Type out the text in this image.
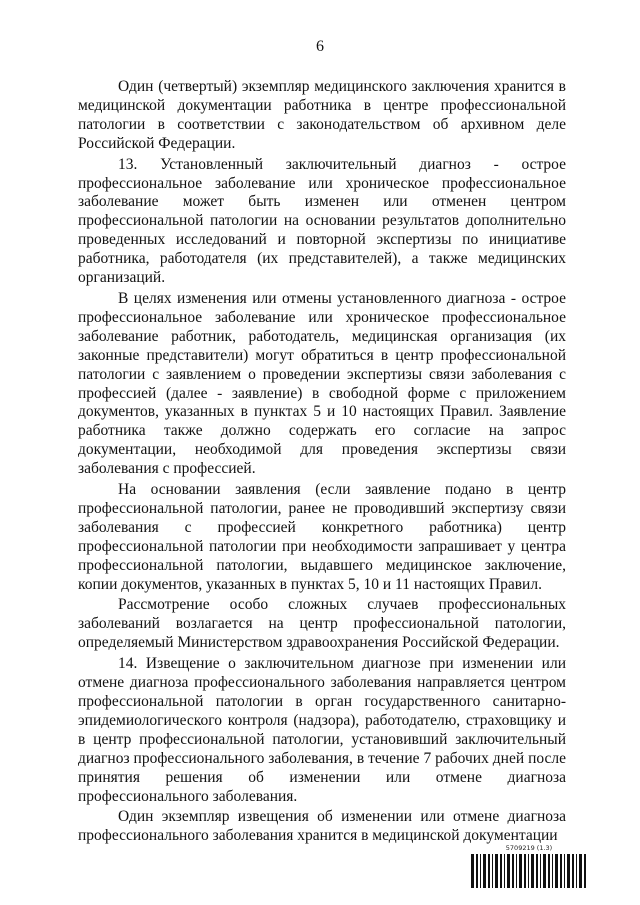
6

Один (четвертый) экземпляр медицинского заключения хранится в медицинской документации работника в центре профессиональной патологии в соответствии с законодательством об архивном деле Российской Федерации.

13. Установленный заключительный диагноз - острое профессиональное заболевание или хроническое профессиональное заболевание может быть изменен или отменен центром профессиональной патологии на основании результатов дополнительно проведенных исследований и повторной экспертизы по инициативе работника, работодателя (их представителей), а также медицинских организаций.

В целях изменения или отмены установленного диагноза - острое профессиональное заболевание или хроническое профессиональное заболевание работник, работодатель, медицинская организация (их законные представители) могут обратиться в центр профессиональной патологии с заявлением о проведении экспертизы связи заболевания с профессией (далее - заявление) в свободной форме с приложением документов, указанных в пунктах 5 и 10 настоящих Правил. Заявление работника также должно содержать его согласие на запрос документации, необходимой для проведения экспертизы связи заболевания с профессией.

На основании заявления (если заявление подано в центр профессиональной патологии, ранее не проводивший экспертизу связи заболевания с профессией конкретного работника) центр профессиональной патологии при необходимости запрашивает у центра профессиональной патологии, выдавшего медицинское заключение, копии документов, указанных в пунктах 5, 10 и 11 настоящих Правил.

Рассмотрение особо сложных случаев профессиональных заболеваний возлагается на центр профессиональной патологии, определяемый Министерством здравоохранения Российской Федерации.

14. Извещение о заключительном диагнозе при изменении или отмене диагноза профессионального заболевания направляется центром профессиональной патологии в орган государственного санитарно-эпидемиологического контроля (надзора), работодателю, страховщику и в центр профессиональной патологии, установивший заключительный диагноз профессионального заболевания, в течение 7 рабочих дней после принятия решения об изменении или отмене диагноза профессионального заболевания.

Один экземпляр извещения об изменении или отмене диагноза профессионального заболевания хранится в медицинской документации

5709219 (1.3)
